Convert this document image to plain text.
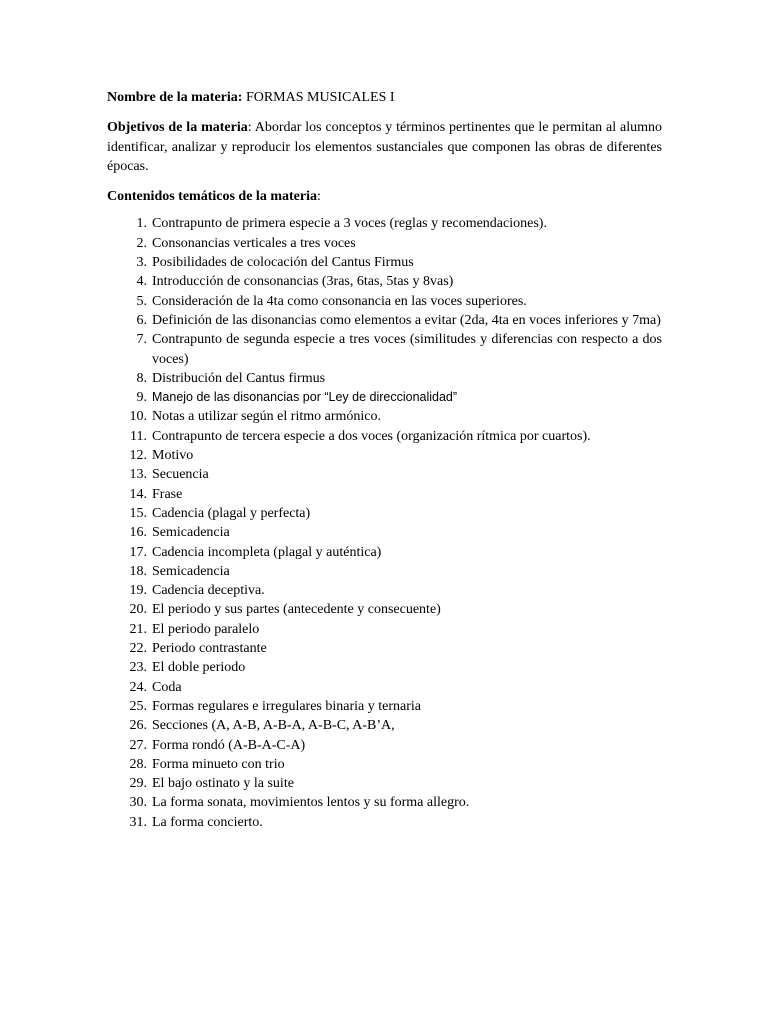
Nombre de la materia: FORMAS MUSICALES I

Objetivos de la materia: Abordar los conceptos y términos pertinentes que le permitan al alumno identificar, analizar y reproducir los elementos sustanciales que componen las obras de diferentes épocas.

Contenidos temáticos de la materia:

1. Contrapunto de primera especie a 3 voces (reglas y recomendaciones).
2. Consonancias verticales a tres voces
3. Posibilidades de colocación del Cantus Firmus
4. Introducción de consonancias (3ras, 6tas, 5tas y 8vas)
5. Consideración de la 4ta como consonancia en las voces superiores.
6. Definición de las disonancias como elementos a evitar (2da, 4ta en voces inferiores y 7ma)
7. Contrapunto de segunda especie a tres voces (similitudes y diferencias con respecto a dos voces)
8. Distribución del Cantus firmus
9. Manejo de las disonancias por “Ley de direccionalidad”
10. Notas a utilizar según el ritmo armónico.
11. Contrapunto de tercera especie a dos voces (organización rítmica por cuartos).
12. Motivo
13. Secuencia
14. Frase
15. Cadencia (plagal y perfecta)
16. Semicadencia
17. Cadencia incompleta (plagal y auténtica)
18. Semicadencia
19. Cadencia deceptiva.
20. El periodo y sus partes (antecedente y consecuente)
21. El periodo paralelo
22. Periodo contrastante
23. El doble periodo
24. Coda
25. Formas regulares e irregulares binaria y ternaria
26. Secciones (A, A-B, A-B-A, A-B-C, A-B’A,
27. Forma rondó (A-B-A-C-A)
28. Forma minueto con trio
29. El bajo ostinato y la suite
30. La forma sonata, movimientos lentos y su forma allegro.
31. La forma concierto.
